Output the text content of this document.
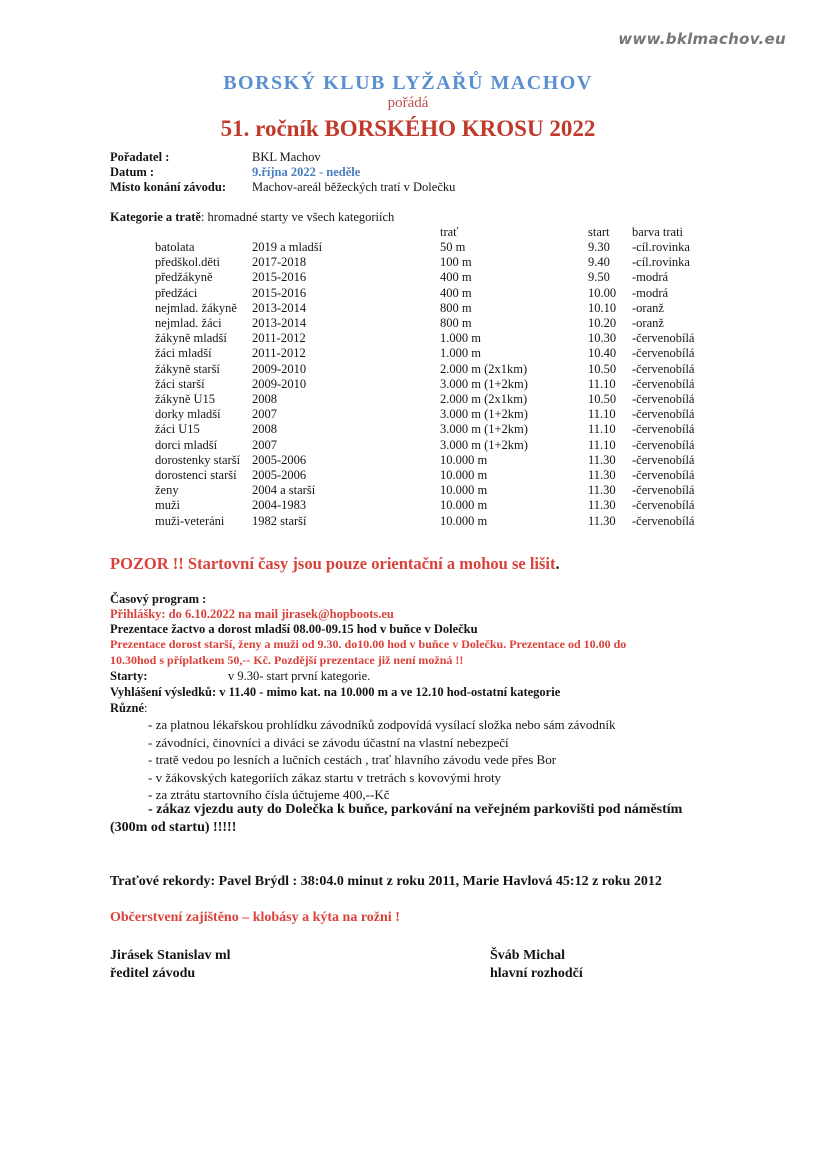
www.bklmachov.eu
BORSKÝ KLUB LYŽAŘŮ MACHOV
pořádá
51. ročník BORSKÉHO KROSU 2022
Pořadatel :	BKL Machov
Datum :	9.října 2022 - neděle
Místo konání závodu: Machov-areál běžeckých tratí v Dolečku
Kategorie a tratě: hromadné starty ve všech kategoriích
trať	start barva trati
batolata	2019 a mladší	50 m	9.30 -cíl.rovinka
předškol.děti	2017-2018	100 m	9.40 -cíl.rovinka
předžákyně	2015-2016	400 m	9.50 -modrá
předžáci	2015-2016	400 m	10.00 -modrá
nejmlad. žákyně 2013-2014	800 m	10.10 -oranž
nejmlad. žáci 2013-2014	800 m	10.20 -oranž
žákyně mladší 2011-2012	1.000 m	10.30 -červenobílá
žáci mladší	2011-2012	1.000 m	10.40 -červenobílá
žákyně starší	2009-2010	2.000 m (2x1km)	10.50 -červenobílá
žáci starší	2009-2010	3.000 m (1+2km)	11.10 -červenobílá
žákyně U15	2008	2.000 m (2x1km)	10.50 -červenobílá
dorky mladší	2007	3.000 m (1+2km)	11.10 -červenobílá
žáci U15	2008	3.000 m (1+2km)	11.10 -červenobílá
dorci mladší	2007	3.000 m (1+2km)	11.10 -červenobílá
dorostenky starší 2005-2006	10.000 m	11.30 -červenobílá
dorostenci starší 2005-2006	10.000 m	11.30 -červenobílá
ženy	2004 a starší	10.000 m	11.30 -červenobílá
muži	2004-1983	10.000 m	11.30 -červenobílá
muži-veteráni 1982 starší	10.000 m	11.30 -červenobílá
POZOR !! Startovní časy jsou pouze orientační a mohou se lišit.
Časový program :
Přihlášky: do 6.10.2022 na mail jirasek@hopboots.eu
Prezentace žactvo a dorost mladší 08.00-09.15 hod v buňce v Dolečku
Prezentace dorost starší, ženy a muži od 9.30. do10.00 hod v buňce v Dolečku. Prezentace od 10.00 do
10.30hod s příplatkem 50,-- Kč. Pozdější prezentace již není možná !!
Starty:	v 9.30- start první kategorie.
Vyhlášení výsledků: v 11.40 - mimo kat. na 10.000 m a ve 12.10 hod-ostatní kategorie
Různé:
- za platnou lékařskou prohlídku závodníků zodpovídá vysílací složka nebo sám závodník
- závodníci, činovníci a diváci se závodu účastní na vlastní nebezpečí
- tratě vedou po lesních a lučních cestách , trať hlavního závodu vede přes Bor
- v žákovských kategoriích zákaz startu v tretrách s kovovými hroty
- za ztrátu startovního čísla účtujeme 400,--Kč
- zákaz vjezdu auty do Dolečka k buňce, parkování na veřejném parkovišti pod náměstím
(300m od startu) !!!!!
Traťové rekordy: Pavel Brýdl : 38:04.0 minut z roku 2011, Marie Havlová 45:12 z roku 2012
Občerstvení zajištěno – klobásy a kýta na rožni !
Jirásek Stanislav ml
ředitel závodu
Šváb Michal
hlavní rozhodčí
